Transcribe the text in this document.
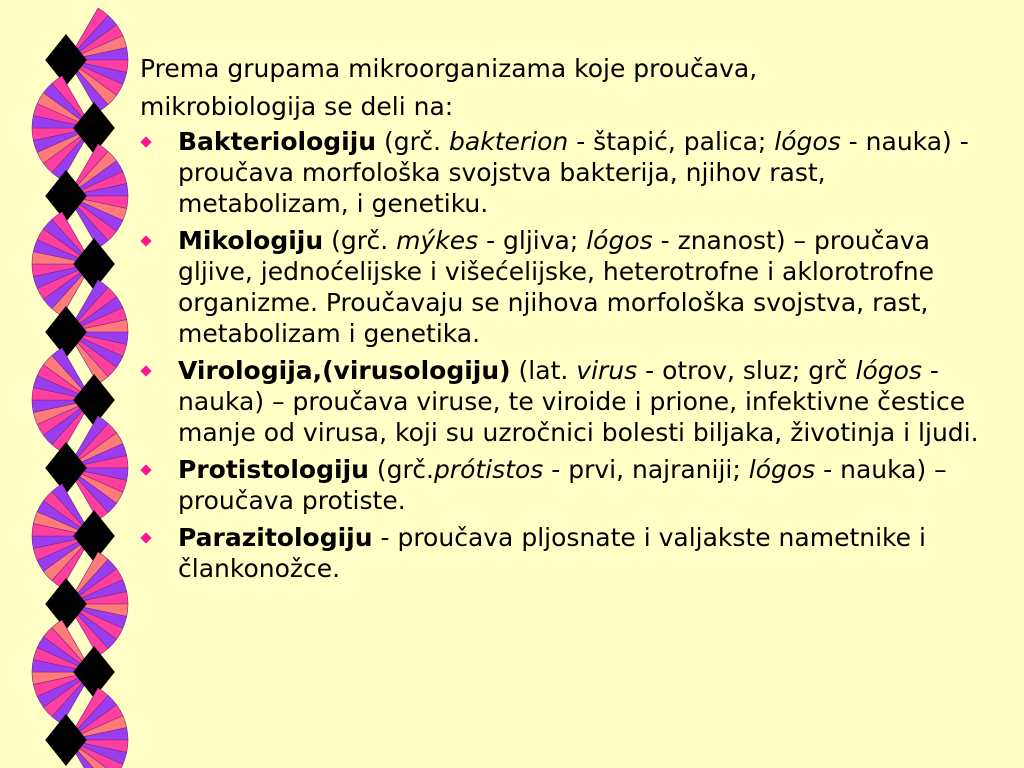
Prema grupama mikroorganizama koje proučava,
mikrobiologija se deli na:
Bakteriologiju (grč. bakterion - štapić, palica; lógos - nauka) - proučava morfološka svojstva bakterija, njihov rast, metabolizam, i genetiku.
Mikologiju (grč. mýkes - gljiva; lógos - znanost) – proučava gljive, jednoćelijske i višećelijske, heterotrofne i aklorotrofne organizme. Proučavaju se njihova morfološka svojstva, rast, metabolizam i genetika.
Virologija,(virusologiju) (lat. virus - otrov, sluz; grč lógos - nauka) – proučava viruse, te viroide i prione, infektivne čestice manje od virusa, koji su uzročnici bolesti biljaka, životinja i ljudi.
Protistologiju (grč.prótistos - prvi, najraniji; lógos - nauka) – proučava protiste.
Parazitologiju - proučava pljosnate i valjakste nametnike i člankonožce.
